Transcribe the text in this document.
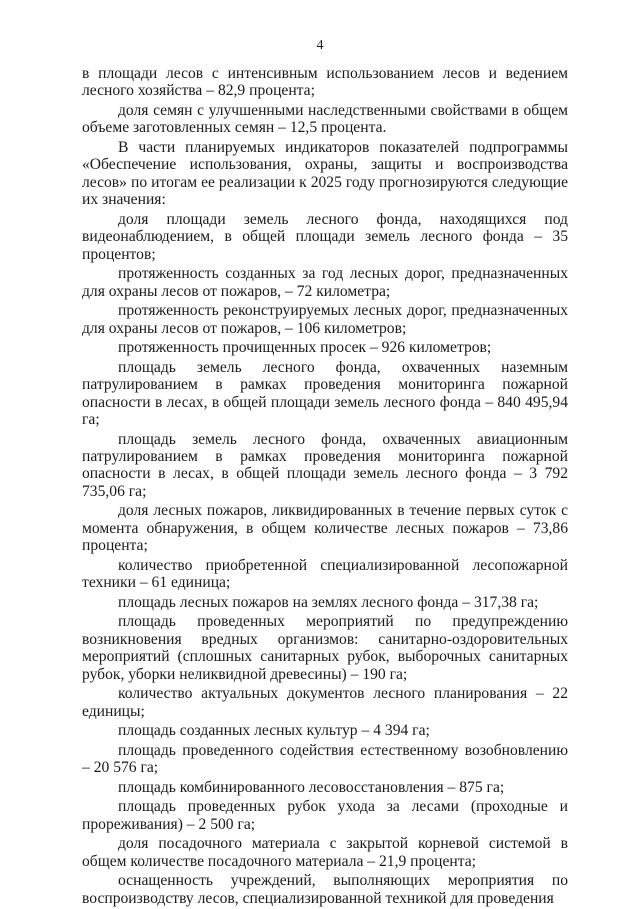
4

в площади лесов с интенсивным использованием лесов и ведением лесного хозяйства – 82,9 процента;

доля семян с улучшенными наследственными свойствами в общем объеме заготовленных семян – 12,5 процента.

В части планируемых индикаторов показателей подпрограммы «Обеспечение использования, охраны, защиты и воспроизводства лесов» по итогам ее реализации к 2025 году прогнозируются следующие их значения:

доля площади земель лесного фонда, находящихся под видеонаблюдением, в общей площади земель лесного фонда – 35 процентов;

протяженность созданных за год лесных дорог, предназначенных для охраны лесов от пожаров, – 72 километра;

протяженность реконструируемых лесных дорог, предназначенных для охраны лесов от пожаров, – 106 километров;

протяженность прочищенных просек – 926 километров;

площадь земель лесного фонда, охваченных наземным патрулированием в рамках проведения мониторинга пожарной опасности в лесах, в общей площади земель лесного фонда – 840 495,94 га;

площадь земель лесного фонда, охваченных авиационным патрулированием в рамках проведения мониторинга пожарной опасности в лесах, в общей площади земель лесного фонда – 3 792 735,06 га;

доля лесных пожаров, ликвидированных в течение первых суток с момента обнаружения, в общем количестве лесных пожаров – 73,86 процента;

количество приобретенной специализированной лесопожарной техники – 61 единица;

площадь лесных пожаров на землях лесного фонда – 317,38 га;

площадь проведенных мероприятий по предупреждению возникновения вредных организмов: санитарно-оздоровительных мероприятий (сплошных санитарных рубок, выборочных санитарных рубок, уборки неликвидной древесины) – 190 га;

количество актуальных документов лесного планирования – 22 единицы;

площадь созданных лесных культур – 4 394 га;

площадь проведенного содействия естественному возобновлению – 20 576 га;

площадь комбинированного лесовосстановления – 875 га;

площадь проведенных рубок ухода за лесами (проходные и прореживания) – 2 500 га;

доля посадочного материала с закрытой корневой системой в общем количестве посадочного материала – 21,9 процента;

оснащенность учреждений, выполняющих мероприятия по воспроизводству лесов, специализированной техникой для проведения
